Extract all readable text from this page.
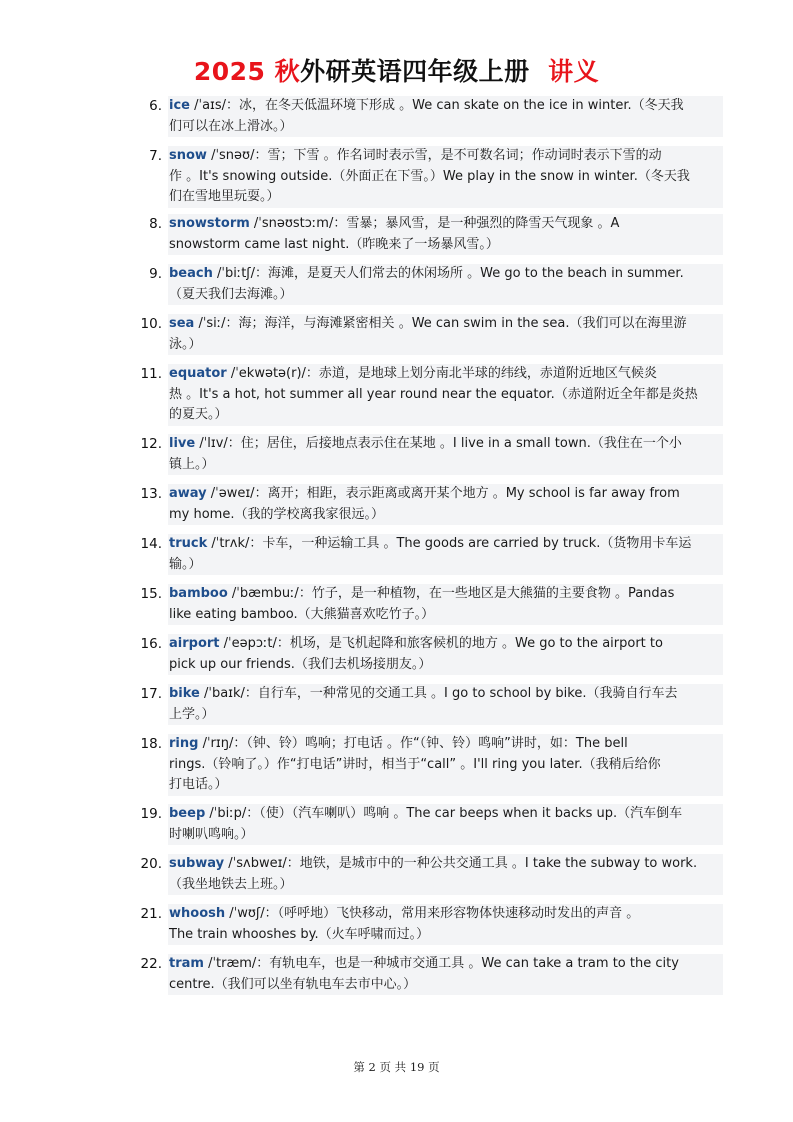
2025 秋外研英语四年级上册 讲义
6. ice /ˈaɪs/：冰，在冬天低温环境下形成 。We can skate on the ice in winter.（冬天我
们可以在冰上滑冰。）
7. snow /ˈsnəʊ/：雪；下雪 。作名词时表示雪，是不可数名词；作动词时表示下雪的动
作 。It's snowing outside.（外面正在下雪。）We play in the snow in winter.（冬天我
们在雪地里玩耍。）
8. snowstorm /ˈsnəʊstɔːm/：雪暴；暴风雪，是一种强烈的降雪天气现象 。A
snowstorm came last night.（昨晚来了一场暴风雪。）
9. beach /ˈbiːtʃ/：海滩，是夏天人们常去的休闲场所 。We go to the beach in summer.
（夏天我们去海滩。）
10. sea /ˈsiː/：海；海洋，与海滩紧密相关 。We can swim in the sea.（我们可以在海里游
泳。）
11. equator /ˈekwətə(r)/：赤道，是地球上划分南北半球的纬线，赤道附近地区气候炎
热 。It's a hot, hot summer all year round near the equator.（赤道附近全年都是炎热
的夏天。）
12. live /ˈlɪv/：住；居住，后接地点表示住在某地 。I live in a small town.（我住在一个小
镇上。）
13. away /ˈəweɪ/：离开；相距，表示距离或离开某个地方 。My school is far away from
my home.（我的学校离我家很远。）
14. truck /ˈtrʌk/：卡车，一种运输工具 。The goods are carried by truck.（货物用卡车运
输。）
15. bamboo /ˈbæmbuː/：竹子，是一种植物，在一些地区是大熊猫的主要食物 。Pandas
like eating bamboo.（大熊猫喜欢吃竹子。）
16. airport /ˈeəpɔːt/：机场，是飞机起降和旅客候机的地方 。We go to the airport to
pick up our friends.（我们去机场接朋友。）
17. bike /ˈbaɪk/：自行车，一种常见的交通工具 。I go to school by bike.（我骑自行车去
上学。）
18. ring /ˈrɪŋ/：（钟、铃）鸣响；打电话 。作“（钟、铃）鸣响”讲时，如：The bell
rings.（铃响了。）作“打电话”讲时，相当于“call” 。I'll ring you later.（我稍后给你
打电话。）
19. beep /ˈbiːp/：（使）（汽车喇叭）鸣响 。The car beeps when it backs up.（汽车倒车
时喇叭鸣响。）
20. subway /ˈsʌbweɪ/：地铁，是城市中的一种公共交通工具 。I take the subway to work.
（我坐地铁去上班。）
21. whoosh /ˈwʊʃ/：（呼呼地）飞快移动，常用来形容物体快速移动时发出的声音 。
The train whooshes by.（火车呼啸而过。）
22. tram /ˈtræm/：有轨电车，也是一种城市交通工具 。We can take a tram to the city
centre.（我们可以坐有轨电车去市中心。）
第 2 页 共 19 页
